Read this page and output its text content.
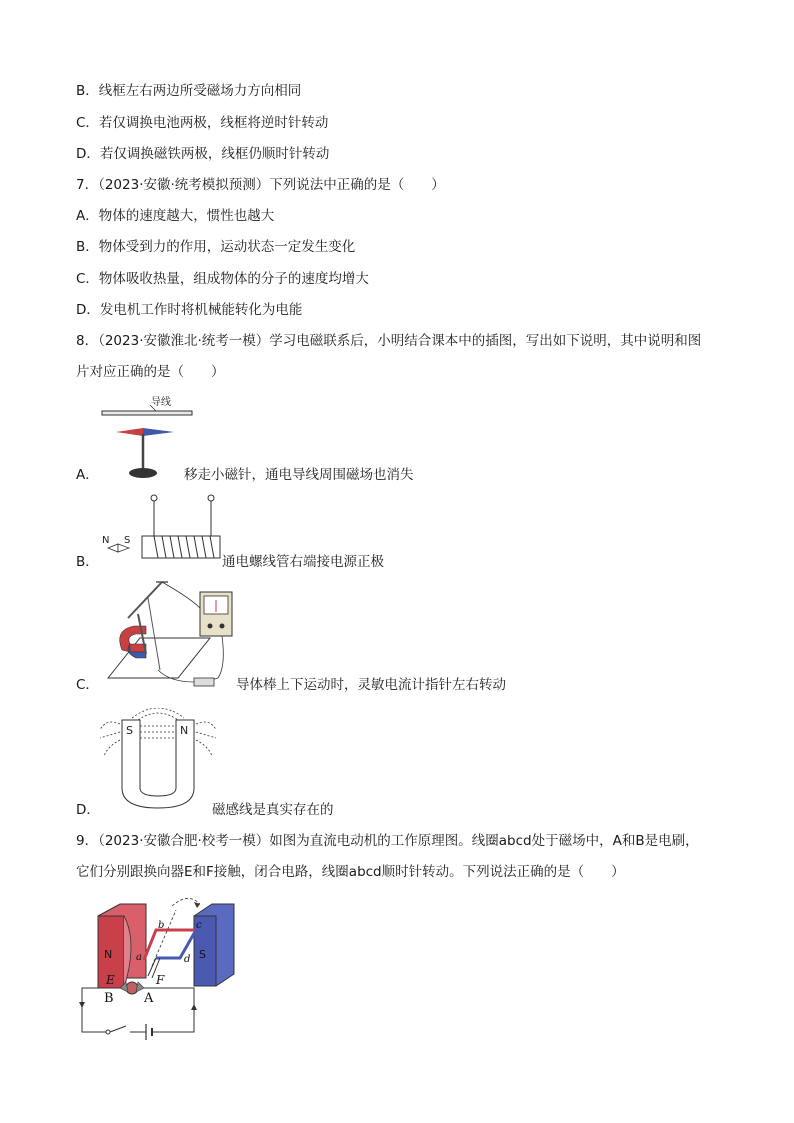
B．线框左右两边所受磁场力方向相同
C．若仅调换电池两极，线框将逆时针转动
D．若仅调换磁铁两极，线框仍顺时针转动
7．（2023·安徽·统考模拟预测）下列说法中正确的是（　　）
A．物体的速度越大，惯性也越大
B．物体受到力的作用，运动状态一定发生变化
C．物体吸收热量，组成物体的分子的速度均增大
D．发电机工作时将机械能转化为电能
8．（2023·安徽淮北·统考一模）学习电磁联系后，小明结合课本中的插图，写出如下说明，其中说明和图
片对应正确的是（　　）
导线
A．	移走小磁针，通电导线周围磁场也消失
N S
B．	通电螺线管右端接电源正极
C．	导体棒上下运动时，灵敏电流计指针左右转动
S	N
D．	磁感线是真实存在的
9．（2023·安徽合肥·校考一模）如图为直流电动机的工作原理图。线圈abcd处于磁场中，A和B是电刷，
它们分别跟换向器E和F接触，闭合电路，线圈abcd顺时针转动。下列说法正确的是（　　）
N	S
b	c
a	d
E	F
B A
